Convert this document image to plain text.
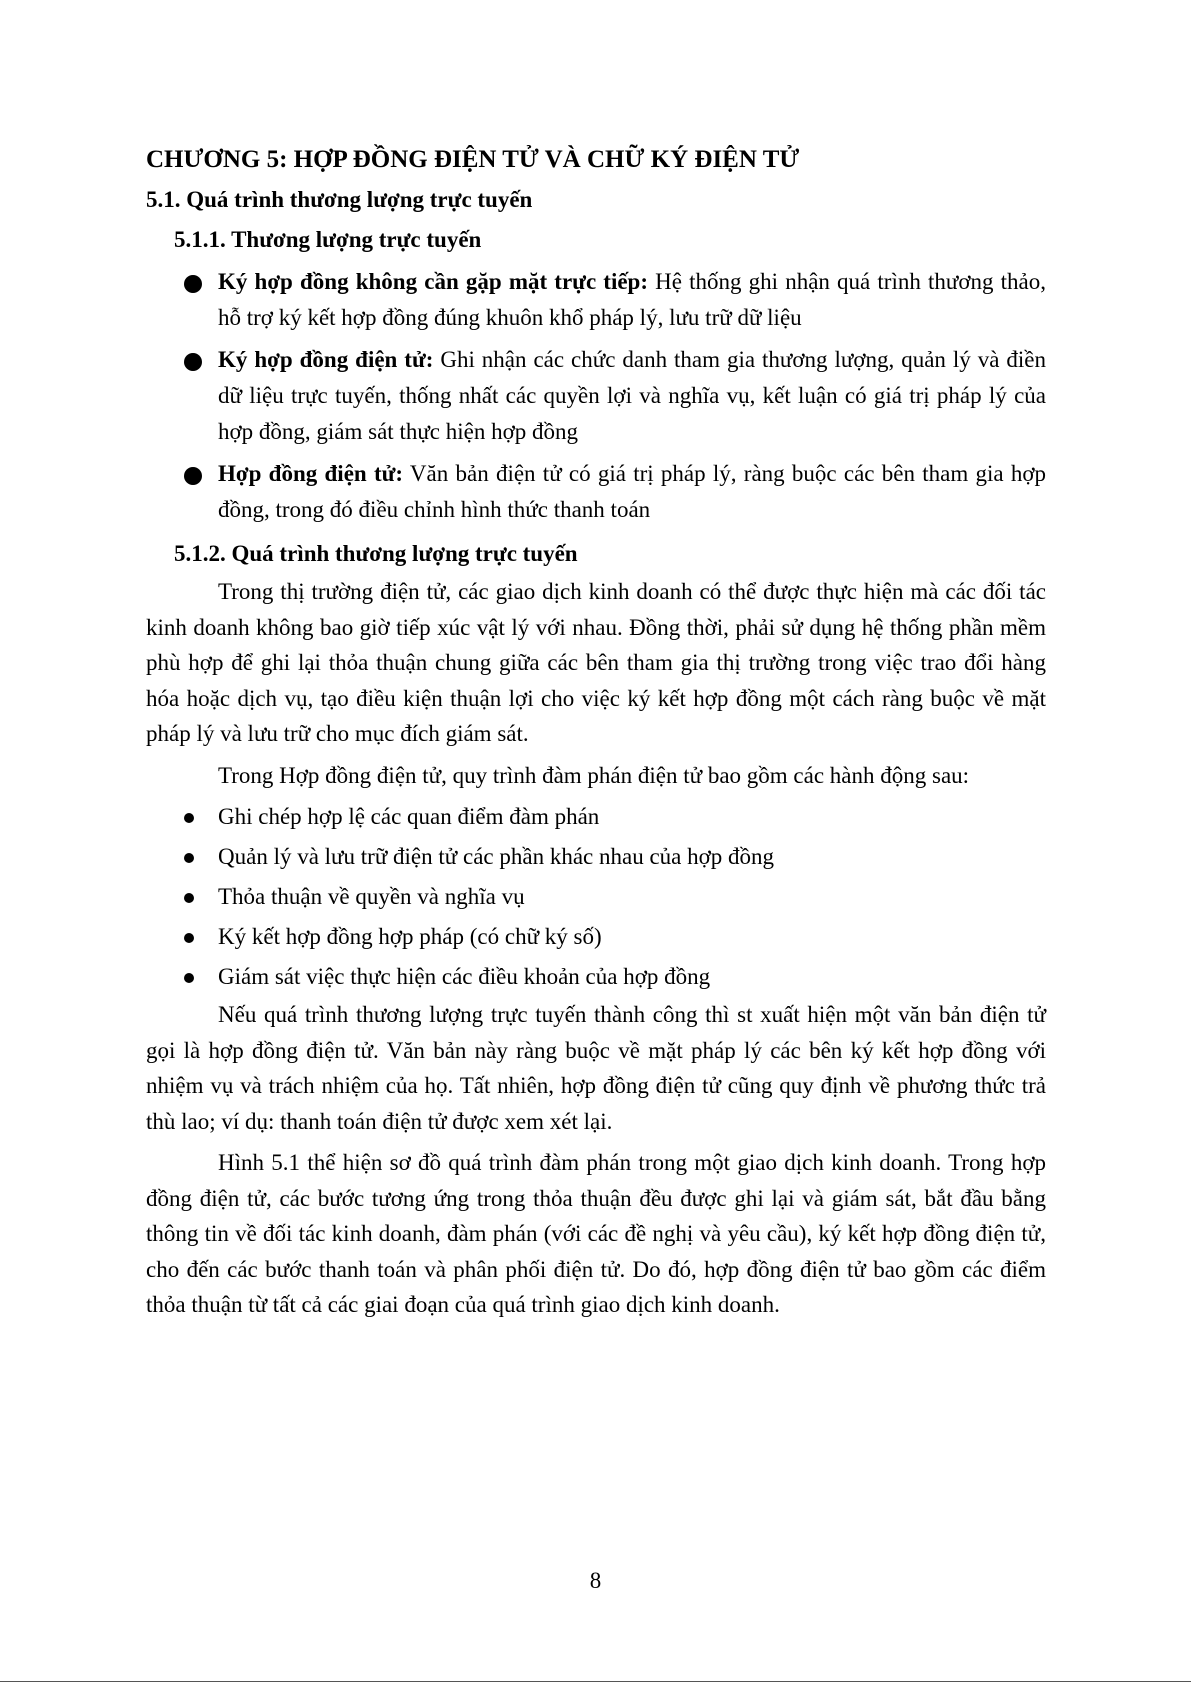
CHƯƠNG 5: HỢP ĐỒNG ĐIỆN TỬ VÀ CHỮ KÝ ĐIỆN TỬ
5.1. Quá trình thương lượng trực tuyến
5.1.1. Thương lượng trực tuyến
Ký hợp đồng không cần gặp mặt trực tiếp: Hệ thống ghi nhận quá trình thương thảo, hỗ trợ ký kết hợp đồng đúng khuôn khổ pháp lý, lưu trữ dữ liệu
Ký hợp đồng điện tử: Ghi nhận các chức danh tham gia thương lượng, quản lý và điền dữ liệu trực tuyến, thống nhất các quyền lợi và nghĩa vụ, kết luận có giá trị pháp lý của hợp đồng, giám sát thực hiện hợp đồng
Hợp đồng điện tử: Văn bản điện tử có giá trị pháp lý, ràng buộc các bên tham gia hợp đồng, trong đó điều chỉnh hình thức thanh toán
5.1.2. Quá trình thương lượng trực tuyến

Trong thị trường điện tử, các giao dịch kinh doanh có thể được thực hiện mà các đối tác kinh doanh không bao giờ tiếp xúc vật lý với nhau. Đồng thời, phải sử dụng hệ thống phần mềm phù hợp để ghi lại thỏa thuận chung giữa các bên tham gia thị trường trong việc trao đổi hàng hóa hoặc dịch vụ, tạo điều kiện thuận lợi cho việc ký kết hợp đồng một cách ràng buộc về mặt pháp lý và lưu trữ cho mục đích giám sát.

Trong Hợp đồng điện tử, quy trình đàm phán điện tử bao gồm các hành động sau:

Ghi chép hợp lệ các quan điểm đàm phán
Quản lý và lưu trữ điện tử các phần khác nhau của hợp đồng
Thỏa thuận về quyền và nghĩa vụ
Ký kết hợp đồng hợp pháp (có chữ ký số)
Giám sát việc thực hiện các điều khoản của hợp đồng

Nếu quá trình thương lượng trực tuyến thành công thì st xuất hiện một văn bản điện tử gọi là hợp đồng điện tử. Văn bản này ràng buộc về mặt pháp lý các bên ký kết hợp đồng với nhiệm vụ và trách nhiệm của họ. Tất nhiên, hợp đồng điện tử cũng quy định về phương thức trả thù lao; ví dụ: thanh toán điện tử được xem xét lại.

Hình 5.1 thể hiện sơ đồ quá trình đàm phán trong một giao dịch kinh doanh. Trong hợp đồng điện tử, các bước tương ứng trong thỏa thuận đều được ghi lại và giám sát, bắt đầu bằng thông tin về đối tác kinh doanh, đàm phán (với các đề nghị và yêu cầu), ký kết hợp đồng điện tử, cho đến các bước thanh toán và phân phối điện tử. Do đó, hợp đồng điện tử bao gồm các điểm thỏa thuận từ tất cả các giai đoạn của quá trình giao dịch kinh doanh.

8
